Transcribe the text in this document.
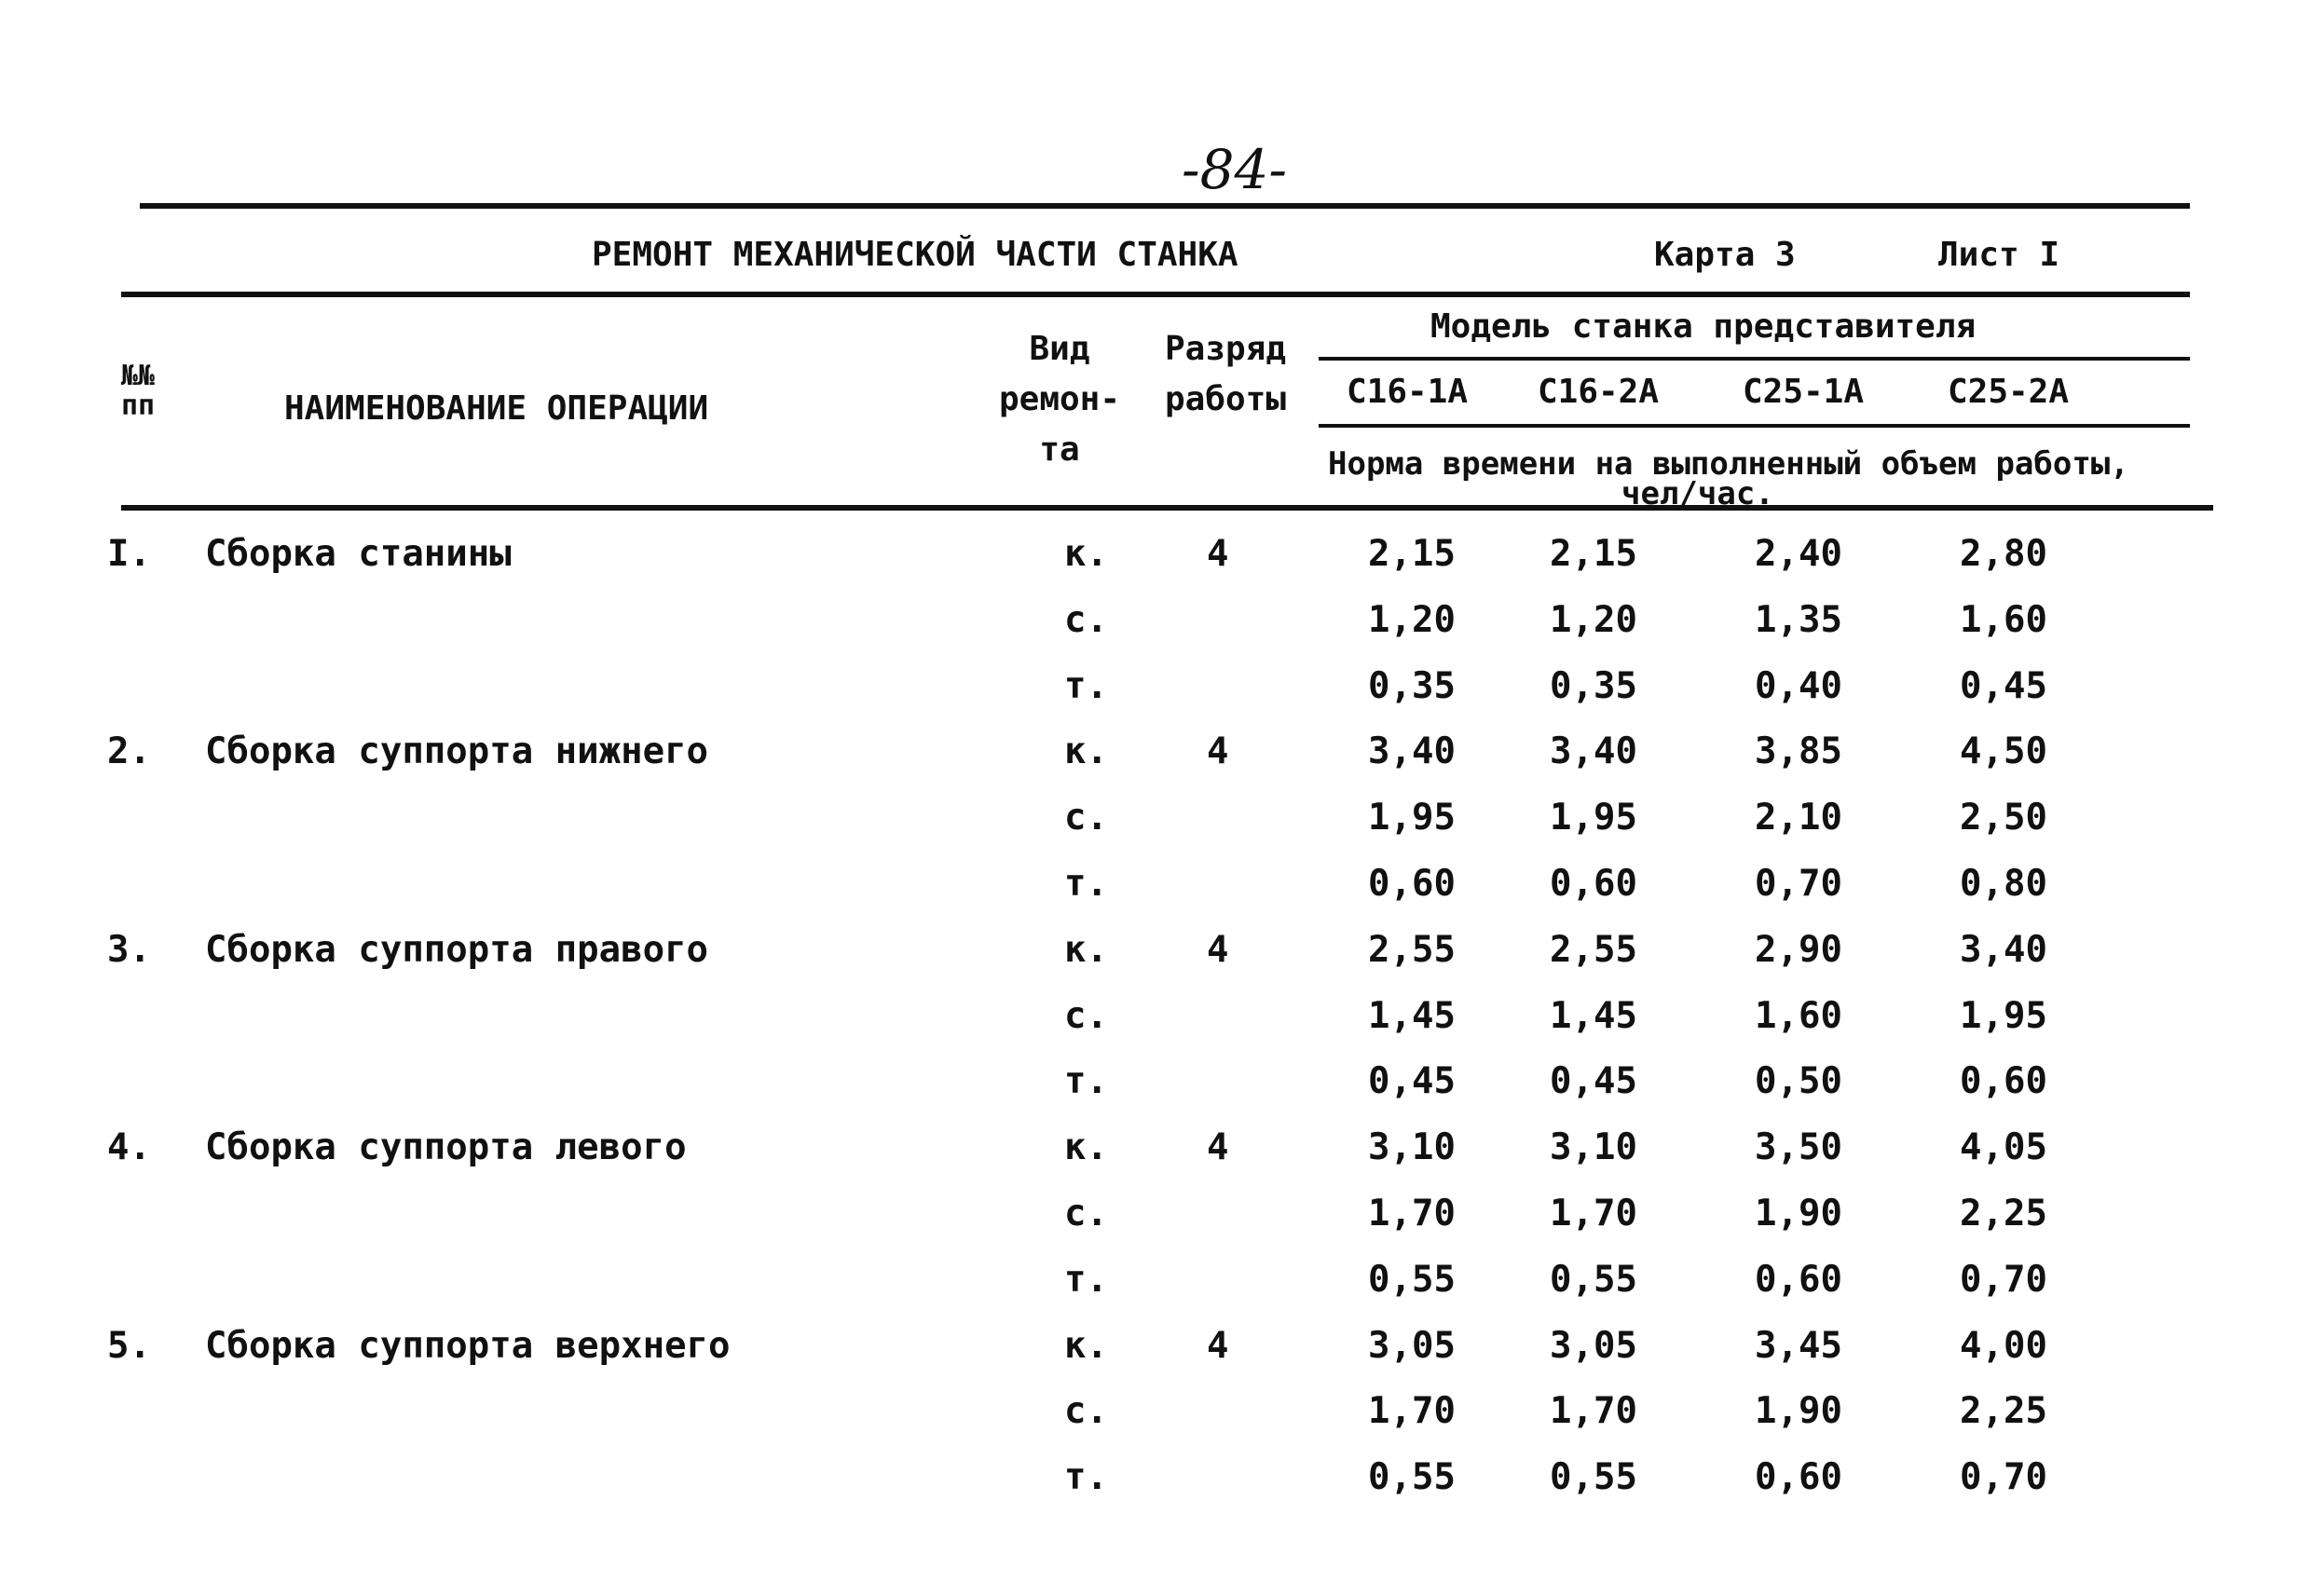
-84-
РЕМОНТ МЕХАНИЧЕСКОЙ ЧАСТИ СТАНКА	Карта 3	Лист I
№№ пп	НАИМЕНОВАНИЕ ОПЕРАЦИИ
Вид ремон- та
Разряд работы
Модель станка представителя
С16-1А	С16-2А	С25-1А	С25-2А
Норма времени на выполненный объем работы,
чел/час.
I. Сборка станины	к.	4	2,15	2,15	2,40	2,80
с.	1,20	1,20	1,35	1,60
т.	0,35	0,35	0,40	0,45
2. Сборка суппорта нижнего	к.	4	3,40	3,40	3,85	4,50
с.	1,95	1,95	2,10	2,50
т.	0,60	0,60	0,70	0,80
3. Сборка суппорта правого	к.	4	2,55	2,55	2,90	3,40
с.	1,45	1,45	1,60	1,95
т.	0,45	0,45	0,50	0,60
4. Сборка суппорта левого	к.	4	3,10	3,10	3,50	4,05
с.	1,70	1,70	1,90	2,25
т.	0,55	0,55	0,60	0,70
5. Сборка суппорта верхнего	к.	4	3,05	3,05	3,45	4,00
с.	1,70	1,70	1,90	2,25
т.	0,55	0,55	0,60	0,70
